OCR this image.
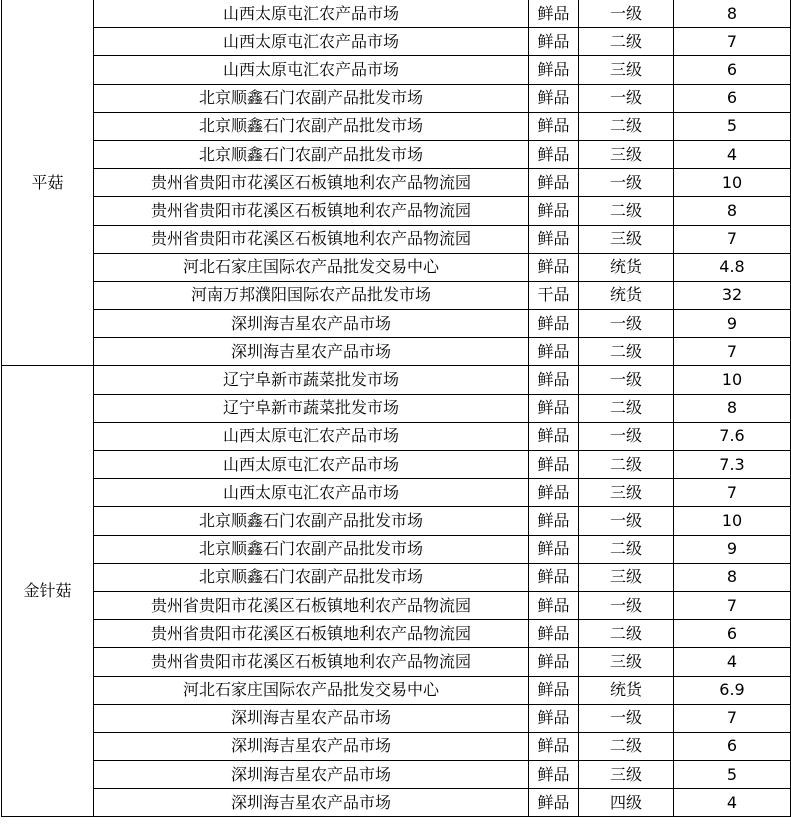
平菇	山西太原屯汇农产品市场	鲜品	一级	8
	山西太原屯汇农产品市场	鲜品	二级	7
	山西太原屯汇农产品市场	鲜品	三级	6
	北京顺鑫石门农副产品批发市场	鲜品	一级	6
	北京顺鑫石门农副产品批发市场	鲜品	二级	5
	北京顺鑫石门农副产品批发市场	鲜品	三级	4
	贵州省贵阳市花溪区石板镇地利农产品物流园	鲜品	一级	10
	贵州省贵阳市花溪区石板镇地利农产品物流园	鲜品	二级	8
	贵州省贵阳市花溪区石板镇地利农产品物流园	鲜品	三级	7
	河北石家庄国际农产品批发交易中心	鲜品	统货	4.8
	河南万邦濮阳国际农产品批发市场	干品	统货	32
	深圳海吉星农产品市场	鲜品	一级	9
	深圳海吉星农产品市场	鲜品	二级	7
金针菇	辽宁阜新市蔬菜批发市场	鲜品	一级	10
	辽宁阜新市蔬菜批发市场	鲜品	二级	8
	山西太原屯汇农产品市场	鲜品	一级	7.6
	山西太原屯汇农产品市场	鲜品	二级	7.3
	山西太原屯汇农产品市场	鲜品	三级	7
	北京顺鑫石门农副产品批发市场	鲜品	一级	10
	北京顺鑫石门农副产品批发市场	鲜品	二级	9
	北京顺鑫石门农副产品批发市场	鲜品	三级	8
	贵州省贵阳市花溪区石板镇地利农产品物流园	鲜品	一级	7
	贵州省贵阳市花溪区石板镇地利农产品物流园	鲜品	二级	6
	贵州省贵阳市花溪区石板镇地利农产品物流园	鲜品	三级	4
	河北石家庄国际农产品批发交易中心	鲜品	统货	6.9
	深圳海吉星农产品市场	鲜品	一级	7
	深圳海吉星农产品市场	鲜品	二级	6
	深圳海吉星农产品市场	鲜品	三级	5
	深圳海吉星农产品市场	鲜品	四级	4
